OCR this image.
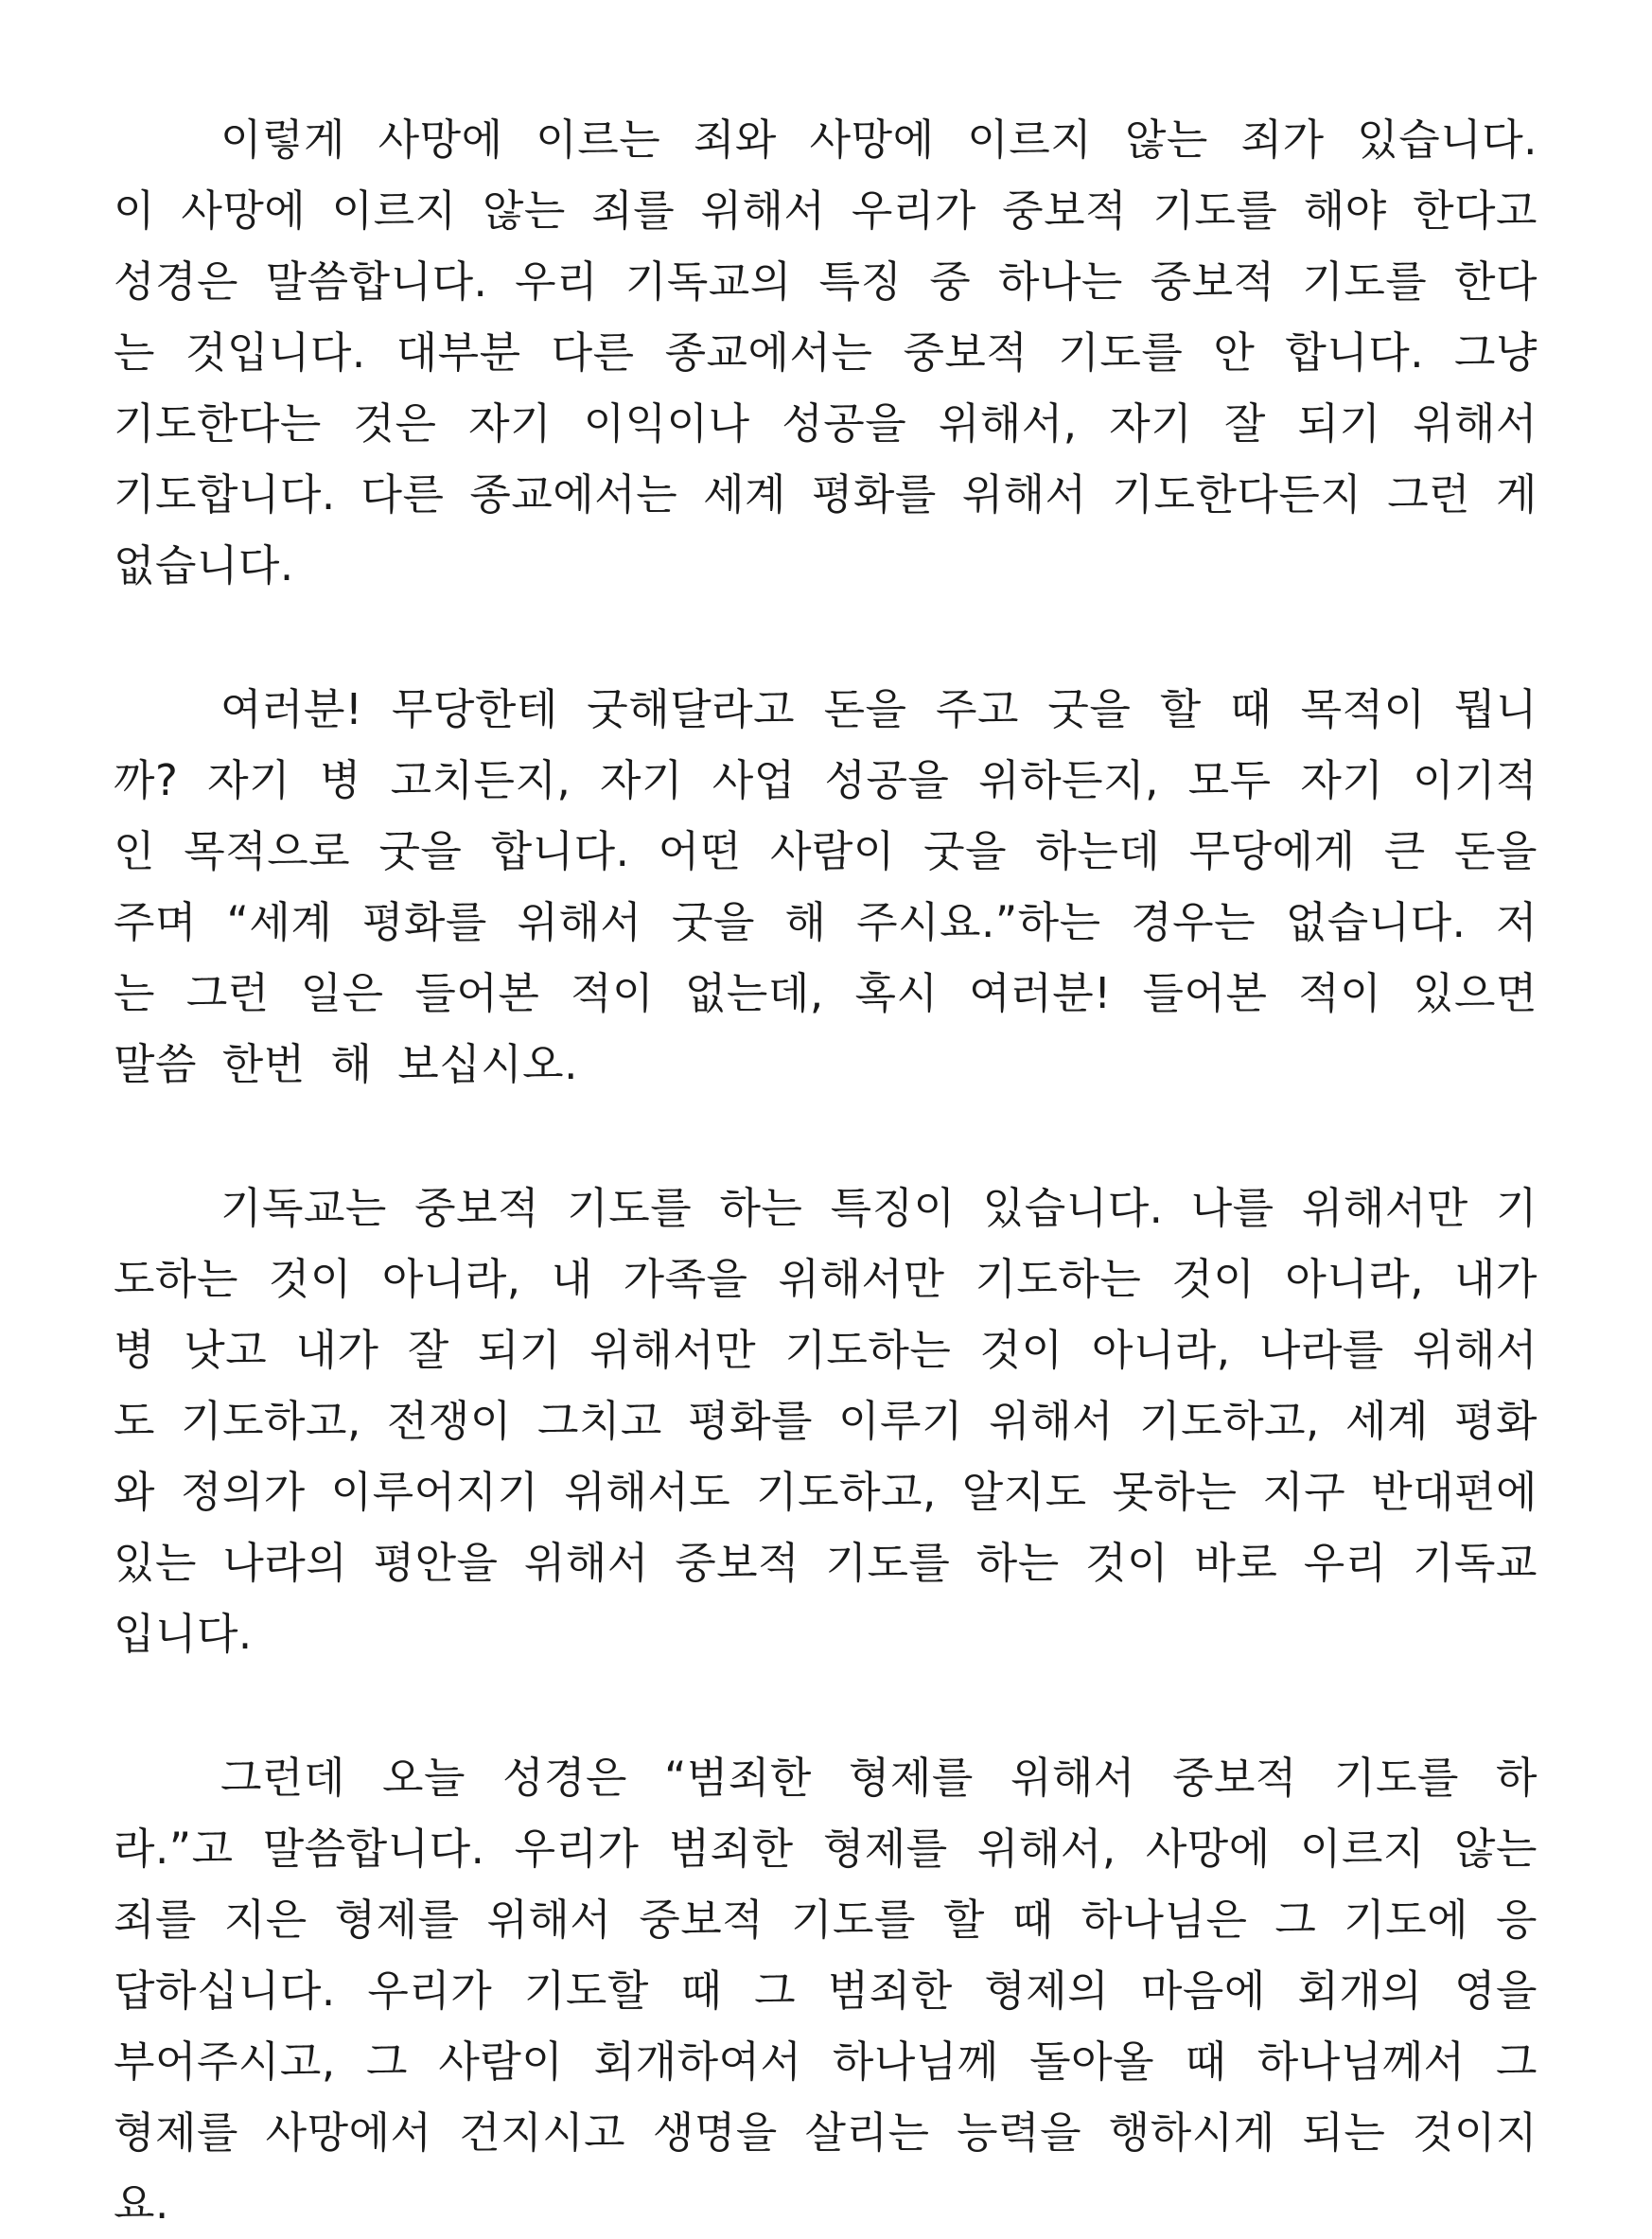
이렇게 사망에 이르는 죄와 사망에 이르지 않는 죄가 있습니다. 이 사망에 이르지 않는 죄를 위해서 우리가 중보적 기도를 해야 한다고 성경은 말씀합니다. 우리 기독교의 특징 중 하나는 중보적 기도를 한다는 것입니다. 대부분 다른 종교에서는 중보적 기도를 안 합니다. 그냥 기도한다는 것은 자기 이익이나 성공을 위해서, 자기 잘 되기 위해서 기도합니다. 다른 종교에서는 세계 평화를 위해서 기도한다든지 그런 게 없습니다.

여러분! 무당한테 굿해달라고 돈을 주고 굿을 할 때 목적이 뭡니까? 자기 병 고치든지, 자기 사업 성공을 위하든지, 모두 자기 이기적인 목적으로 굿을 합니다. 어떤 사람이 굿을 하는데 무당에게 큰 돈을 주며 “세계 평화를 위해서 굿을 해 주시요.”하는 경우는 없습니다. 저는 그런 일은 들어본 적이 없는데, 혹시 여러분! 들어본 적이 있으면 말씀 한번 해 보십시오.

기독교는 중보적 기도를 하는 특징이 있습니다. 나를 위해서만 기도하는 것이 아니라, 내 가족을 위해서만 기도하는 것이 아니라, 내가 병 낫고 내가 잘 되기 위해서만 기도하는 것이 아니라, 나라를 위해서도 기도하고, 전쟁이 그치고 평화를 이루기 위해서 기도하고, 세계 평화와 정의가 이루어지기 위해서도 기도하고, 알지도 못하는 지구 반대편에 있는 나라의 평안을 위해서 중보적 기도를 하는 것이 바로 우리 기독교입니다.

그런데 오늘 성경은 “범죄한 형제를 위해서 중보적 기도를 하라.”고 말씀합니다. 우리가 범죄한 형제를 위해서, 사망에 이르지 않는 죄를 지은 형제를 위해서 중보적 기도를 할 때 하나님은 그 기도에 응답하십니다. 우리가 기도할 때 그 범죄한 형제의 마음에 회개의 영을 부어주시고, 그 사람이 회개하여서 하나님께 돌아올 때 하나님께서 그 형제를 사망에서 건지시고 생명을 살리는 능력을 행하시게 되는 것이지요.
